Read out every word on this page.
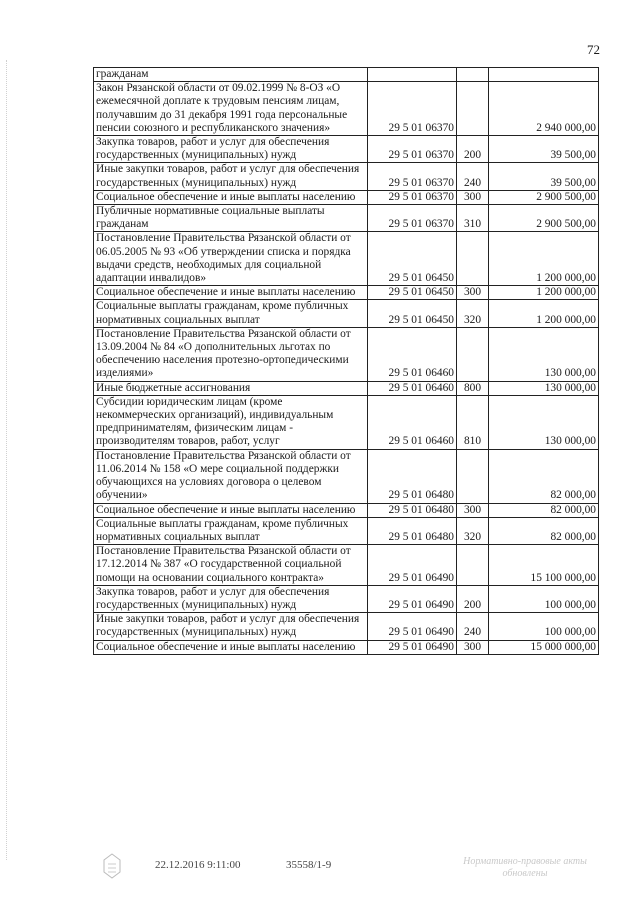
72
гражданам			
Закон Рязанской области от 09.02.1999 № 8-ОЗ «О ежемесячной доплате к трудовым пенсиям лицам, получавшим до 31 декабря 1991 года персональные пенсии союзного и республиканского значения»	29 5 01 06370		2 940 000,00
Закупка товаров, работ и услуг для обеспечения государственных (муниципальных) нужд	29 5 01 06370	200	39 500,00
Иные закупки товаров, работ и услуг для обеспечения государственных (муниципальных) нужд	29 5 01 06370	240	39 500,00
Социальное обеспечение и иные выплаты населению	29 5 01 06370	300	2 900 500,00
Публичные нормативные социальные выплаты гражданам	29 5 01 06370	310	2 900 500,00
Постановление Правительства Рязанской области от 06.05.2005 № 93 «Об утверждении списка и порядка выдачи средств, необходимых для социальной адаптации инвалидов»	29 5 01 06450		1 200 000,00
Социальное обеспечение и иные выплаты населению	29 5 01 06450	300	1 200 000,00
Социальные выплаты гражданам, кроме публичных нормативных социальных выплат	29 5 01 06450	320	1 200 000,00
Постановление Правительства Рязанской области от 13.09.2004 № 84 «О дополнительных льготах по обеспечению населения протезно-ортопедическими изделиями»	29 5 01 06460		130 000,00
Иные бюджетные ассигнования	29 5 01 06460	800	130 000,00
Субсидии юридическим лицам (кроме некоммерческих организаций), индивидуальным предпринимателям, физическим лицам - производителям товаров, работ, услуг	29 5 01 06460	810	130 000,00
Постановление Правительства Рязанской области от 11.06.2014 № 158 «О мере социальной поддержки обучающихся на условиях договора о целевом обучении»	29 5 01 06480		82 000,00
Социальное обеспечение и иные выплаты населению	29 5 01 06480	300	82 000,00
Социальные выплаты гражданам, кроме публичных нормативных социальных выплат	29 5 01 06480	320	82 000,00
Постановление Правительства Рязанской области от 17.12.2014 № 387 «О государственной социальной помощи на основании социального контракта»	29 5 01 06490		15 100 000,00
Закупка товаров, работ и услуг для обеспечения государственных (муниципальных) нужд	29 5 01 06490	200	100 000,00
Иные закупки товаров, работ и услуг для обеспечения государственных (муниципальных) нужд	29 5 01 06490	240	100 000,00
Социальное обеспечение и иные выплаты населению	29 5 01 06490	300	15 000 000,00
22.12.2016 9:11:00	35558/1-9	Нормативно-правовые акты обновлены
